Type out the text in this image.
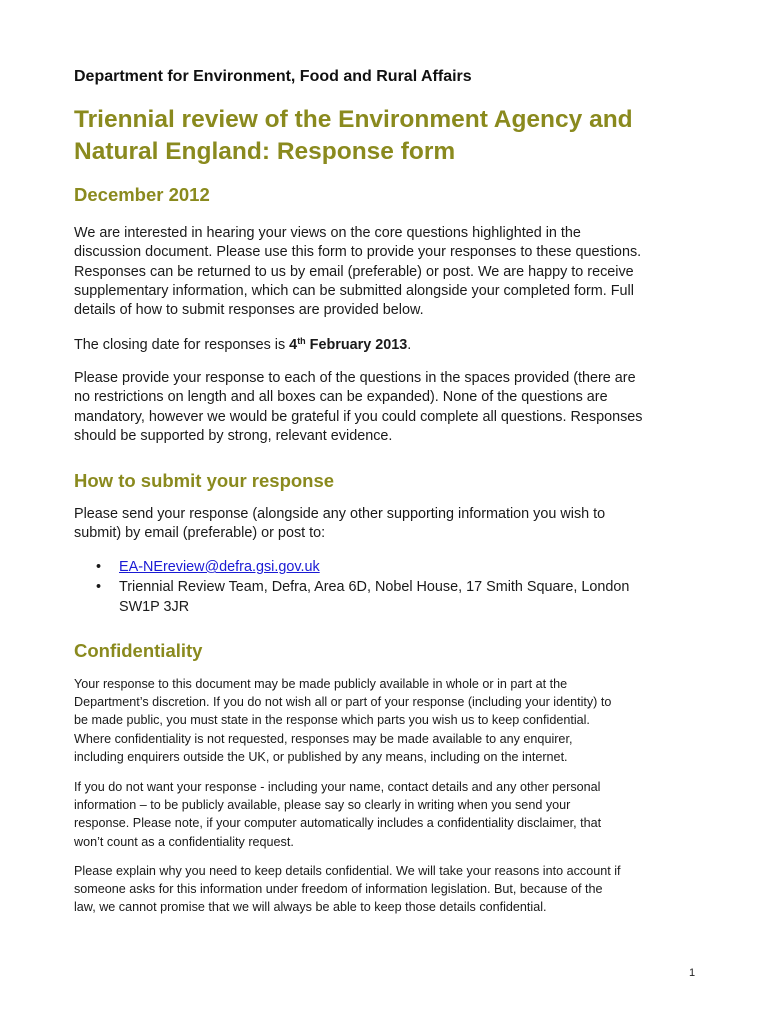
Department for Environment, Food and Rural Affairs
Triennial review of the Environment Agency and
Natural England: Response form
December 2012

We are interested in hearing your views on the core questions highlighted in the
discussion document. Please use this form to provide your responses to these questions.
Responses can be returned to us by email (preferable) or post. We are happy to receive
supplementary information, which can be submitted alongside your completed form. Full
details of how to submit responses are provided below.

The closing date for responses is 4th February 2013.

Please provide your response to each of the questions in the spaces provided (there are
no restrictions on length and all boxes can be expanded). None of the questions are
mandatory, however we would be grateful if you could complete all questions. Responses
should be supported by strong, relevant evidence.

How to submit your response

Please send your response (alongside any other supporting information you wish to
submit) by email (preferable) or post to:

• EA-NEreview@defra.gsi.gov.uk
• Triennial Review Team, Defra, Area 6D, Nobel House, 17 Smith Square, London
SW1P 3JR
Confidentiality

Your response to this document may be made publicly available in whole or in part at the
Department’s discretion. If you do not wish all or part of your response (including your identity) to
be made public, you must state in the response which parts you wish us to keep confidential.
Where confidentiality is not requested, responses may be made available to any enquirer,
including enquirers outside the UK, or published by any means, including on the internet.

If you do not want your response - including your name, contact details and any other personal
information – to be publicly available, please say so clearly in writing when you send your
response. Please note, if your computer automatically includes a confidentiality disclaimer, that
won’t count as a confidentiality request.

Please explain why you need to keep details confidential. We will take your reasons into account if
someone asks for this information under freedom of information legislation. But, because of the
law, we cannot promise that we will always be able to keep those details confidential.

1
